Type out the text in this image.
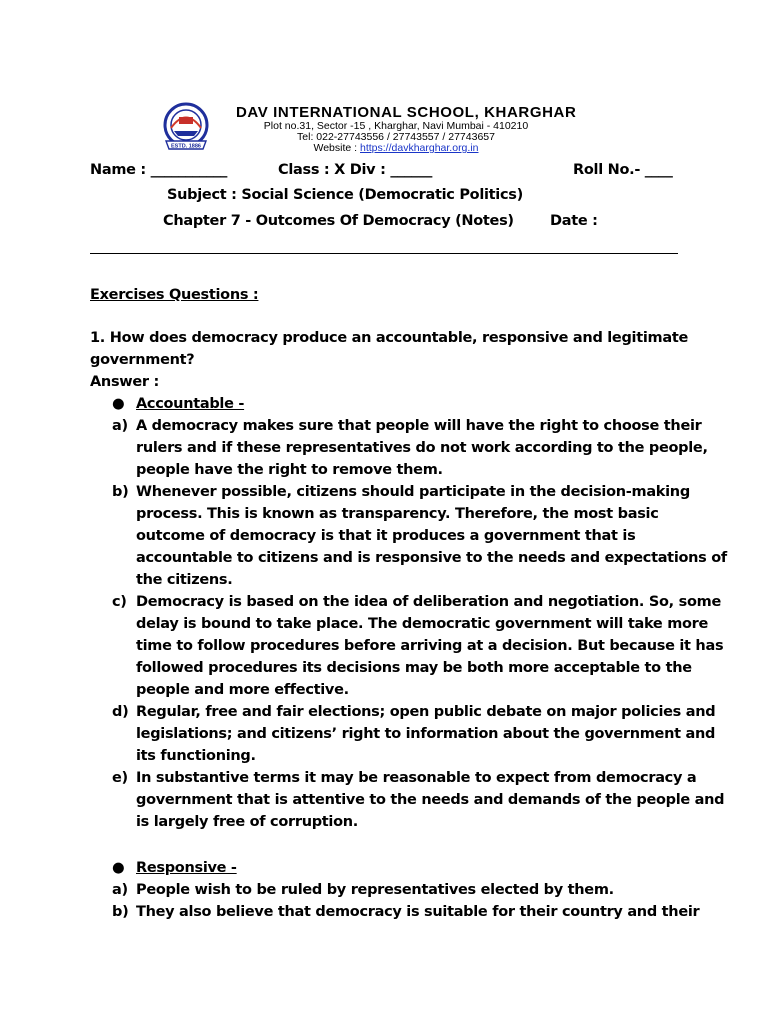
ESTD. 1886

DAV INTERNATIONAL SCHOOL, KHARGHAR

Plot no.31, Sector -15 , Kharghar, Navi Mumbai - 410210

Tel: 022-27743556 / 27743557 / 27743657

Website : https://davkharghar.org.in

Name : ___________	Class : X Div : ______	Roll No.- ____
Subject : Social Science (Democratic Politics)
Chapter 7 - Outcomes Of Democracy (Notes) Date :
Exercises Questions :
1. How does democracy produce an accountable, responsive and legitimate
government?
Answer :
● Accountable -
a) A democracy makes sure that people will have the right to choose their
rulers and if these representatives do not work according to the people,
people have the right to remove them.
b) Whenever possible, citizens should participate in the decision-making
process. This is known as transparency. Therefore, the most basic
outcome of democracy is that it produces a government that is
accountable to citizens and is responsive to the needs and expectations of
the citizens.
c) Democracy is based on the idea of deliberation and negotiation. So, some
delay is bound to take place. The democratic government will take more
time to follow procedures before arriving at a decision. But because it has
followed procedures its decisions may be both more acceptable to the
people and more effective.
d) Regular, free and fair elections; open public debate on major policies and
legislations; and citizens’ right to information about the government and
its functioning.
e) In substantive terms it may be reasonable to expect from democracy a
government that is attentive to the needs and demands of the people and
is largely free of corruption.
● Responsive -
a) People wish to be ruled by representatives elected by them.
b) They also believe that democracy is suitable for their country and their
